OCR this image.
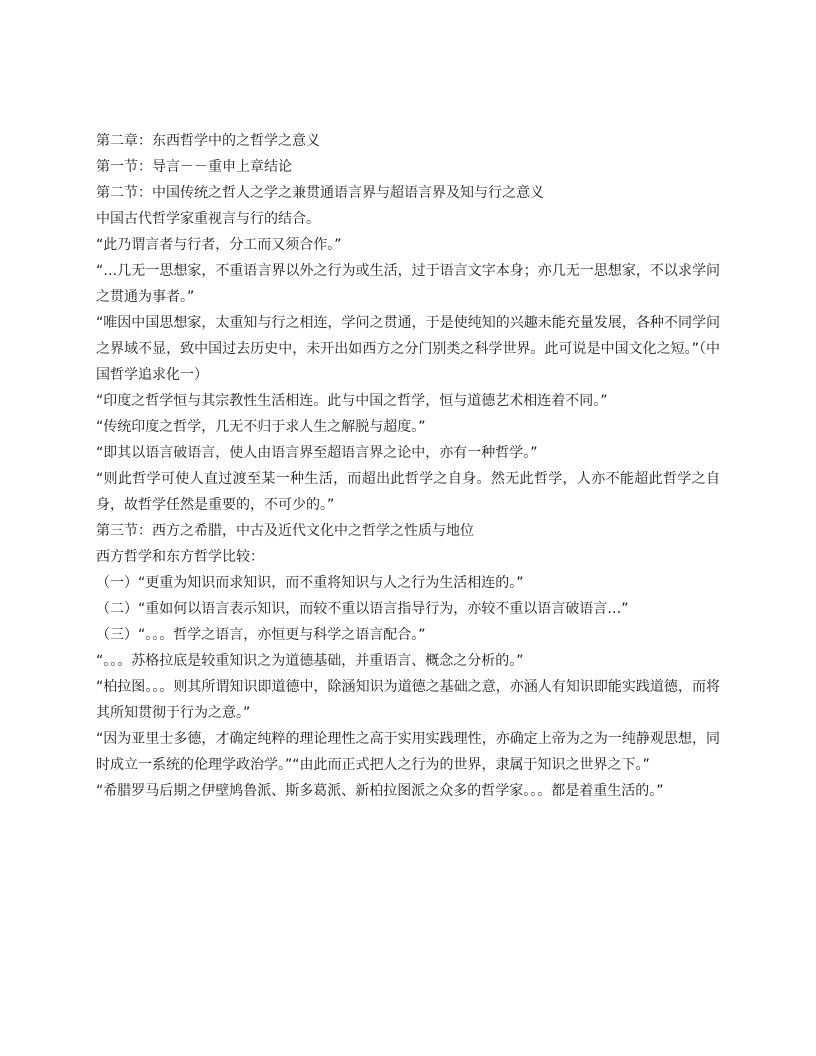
第二章：东西哲学中的之哲学之意义

第一节：导言－－重申上章结论

第二节：中国传统之哲人之学之兼贯通语言界与超语言界及知与行之意义

中国古代哲学家重视言与行的结合。

“此乃谓言者与行者，分工而又须合作。”

“…几无一思想家，不重语言界以外之行为或生活，过于语言文字本身；亦几无一思想家，不以求学问之贯通为事者。”

“唯因中国思想家，太重知与行之相连，学问之贯通，于是使纯知的兴趣未能充量发展，各种不同学问之界域不显，致中国过去历史中，未开出如西方之分门别类之科学世界。此可说是中国文化之短。”（中国哲学追求化一）

“印度之哲学恒与其宗教性生活相连。此与中国之哲学，恒与道德艺术相连着不同。”

“传统印度之哲学，几无不归于求人生之解脱与超度。”

“即其以语言破语言，使人由语言界至超语言界之论中，亦有一种哲学。”

“则此哲学可使人直过渡至某一种生活，而超出此哲学之自身。然无此哲学，人亦不能超此哲学之自身，故哲学任然是重要的，不可少的。”

第三节：西方之希腊，中古及近代文化中之哲学之性质与地位

西方哲学和东方哲学比较：

（一）“更重为知识而求知识，而不重将知识与人之行为生活相连的。”

（二）“重如何以语言表示知识，而较不重以语言指导行为，亦较不重以语言破语言…”

（三）“。。。哲学之语言，亦恒更与科学之语言配合。”

“。。。苏格拉底是较重知识之为道德基础，并重语言、概念之分析的。”

“柏拉图。。。则其所谓知识即道德中，除涵知识为道德之基础之意，亦涵人有知识即能实践道德，而将其所知贯彻于行为之意。”

“因为亚里士多德，才确定纯粹的理论理性之高于实用实践理性，亦确定上帝为之为一纯静观思想，同时成立一系统的伦理学政治学。”“由此而正式把人之行为的世界，隶属于知识之世界之下。”

“希腊罗马后期之伊壁鸠鲁派、斯多葛派、新柏拉图派之众多的哲学家。。。都是着重生活的。”
